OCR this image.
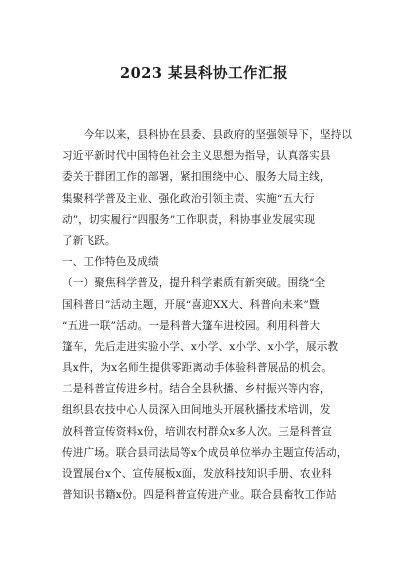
2023 某县科协工作汇报
　　今年以来，县科协在县委、县政府的坚强领导下，坚持以
习近平新时代中国特色社会主义思想为指导，认真落实县
委关于群团工作的部署，紧扣围绕中心、服务大局主线，
集聚科学普及主业、强化政治引领主责、实施“五大行
动”，切实履行“四服务”工作职责，科协事业发展实现
了新飞跃。
一、工作特色及成绩
（一）聚焦科学普及，提升科学素质有新突破。围绕“全
国科普日”活动主题，开展“喜迎XX大、科普向未来”暨
“五进一联”活动。一是科普大篷车进校园。利用科普大
篷车，先后走进实验小学、x小学、x小学、x小学，展示教
具x件，为x名师生提供零距离动手体验科普展品的机会。
二是科普宣传进乡村。结合全县秋播、乡村振兴等内容，
组织县农技中心人员深入田间地头开展秋播技术培训，发
放科普宣传资料x份，培训农村群众x多人次。三是科普宣
传进广场。联合县司法局等x个成员单位举办主题宣传活动，
设置展台x个、宣传展板x面，发放科技知识手册、农业科
普知识书籍x份。四是科普宣传进产业。联合县畜牧工作站
